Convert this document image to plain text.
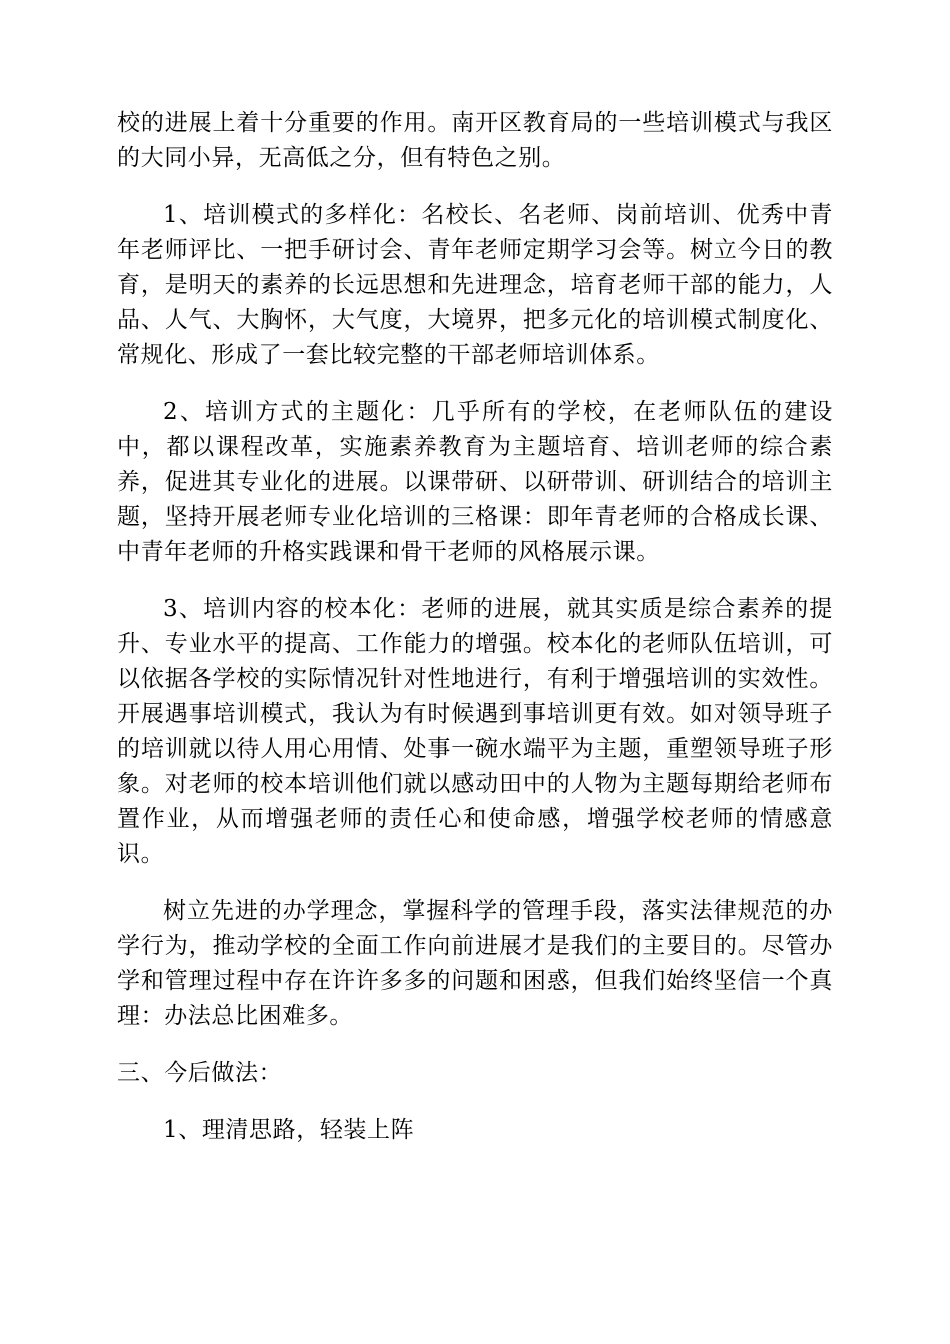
校的进展上着十分重要的作用。南开区教育局的一些培训模式与我区的大同小异，无高低之分，但有特色之别。

1、培训模式的多样化：名校长、名老师、岗前培训、优秀中青年老师评比、一把手研讨会、青年老师定期学习会等。树立今日的教育，是明天的素养的长远思想和先进理念，培育老师干部的能力，人品、人气、大胸怀，大气度，大境界，把多元化的培训模式制度化、常规化、形成了一套比较完整的干部老师培训体系。

2、培训方式的主题化：几乎所有的学校，在老师队伍的建设中，都以课程改革，实施素养教育为主题培育、培训老师的综合素养，促进其专业化的进展。以课带研、以研带训、研训结合的培训主题，坚持开展老师专业化培训的三格课：即年青老师的合格成长课、中青年老师的升格实践课和骨干老师的风格展示课。

3、培训内容的校本化：老师的进展，就其实质是综合素养的提升、专业水平的提高、工作能力的增强。校本化的老师队伍培训，可以依据各学校的实际情况针对性地进行，有利于增强培训的实效性。开展遇事培训模式，我认为有时候遇到事培训更有效。如对领导班子的培训就以待人用心用情、处事一碗水端平为主题，重塑领导班子形象。对老师的校本培训他们就以感动田中的人物为主题每期给老师布置作业，从而增强老师的责任心和使命感，增强学校老师的情感意识。

树立先进的办学理念，掌握科学的管理手段，落实法律规范的办学行为，推动学校的全面工作向前进展才是我们的主要目的。尽管办学和管理过程中存在许许多多的问题和困惑，但我们始终坚信一个真理：办法总比困难多。

三、今后做法：

1、理清思路，轻装上阵
